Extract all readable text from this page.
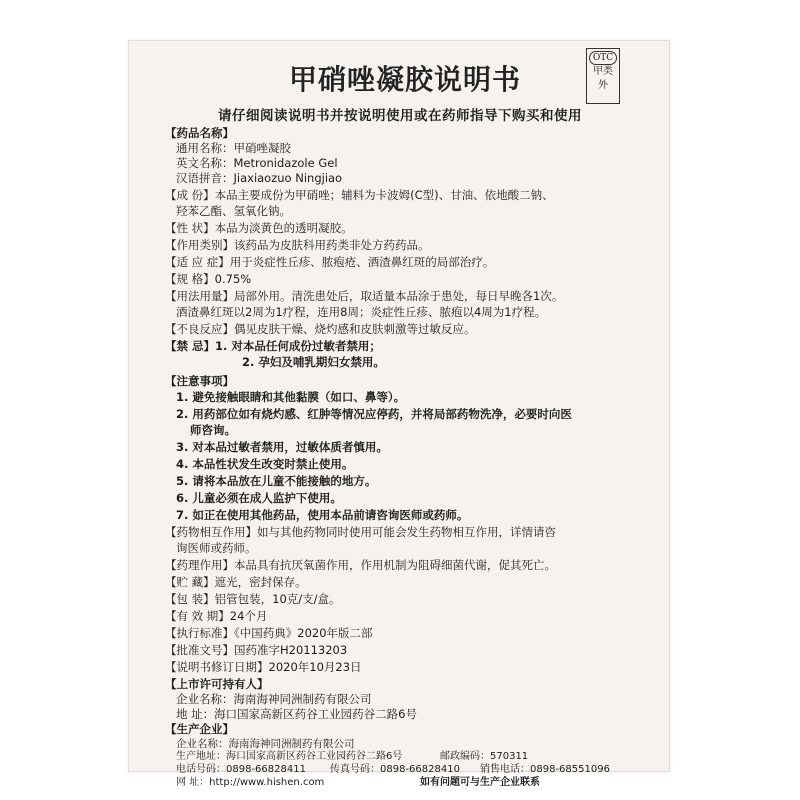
OTC
甲类
外
甲硝唑凝胶说明书
请仔细阅读说明书并按说明使用或在药师指导下购买和使用
【药品名称】
通用名称：甲硝唑凝胶
英文名称：Metronidazole Gel
汉语拼音：Jiaxiaozuo Ningjiao
【成 份】本品主要成份为甲硝唑；辅料为卡波姆(C型)、甘油、依地酸二钠、
羟苯乙酯、氢氧化钠。
【性 状】本品为淡黄色的透明凝胶。
【作用类别】该药品为皮肤科用药类非处方药药品。
【适 应 症】用于炎症性丘疹、脓疱疮、酒渣鼻红斑的局部治疗。
【规 格】0.75%
【用法用量】局部外用。清洗患处后，取适量本品涂于患处，每日早晚各1次。
酒渣鼻红斑以2周为1疗程，连用8周；炎症性丘疹、脓疱以4周为1疗程。
【不良反应】偶见皮肤干燥、烧灼感和皮肤刺激等过敏反应。
【禁 忌】1. 对本品任何成份过敏者禁用；
2. 孕妇及哺乳期妇女禁用。
【注意事项】
1. 避免接触眼睛和其他黏膜（如口、鼻等）。
2. 用药部位如有烧灼感、红肿等情况应停药，并将局部药物洗净，必要时向医
师咨询。
3. 对本品过敏者禁用，过敏体质者慎用。
4. 本品性状发生改变时禁止使用。
5. 请将本品放在儿童不能接触的地方。
6. 儿童必须在成人监护下使用。
7. 如正在使用其他药品，使用本品前请咨询医师或药师。
【药物相互作用】如与其他药物同时使用可能会发生药物相互作用，详情请咨
询医师或药师。
【药理作用】本品具有抗厌氧菌作用，作用机制为阻碍细菌代谢，促其死亡。
【贮 藏】遮光，密封保存。
【包 装】铝管包装，10克/支/盒。
【有 效 期】24个月
【执行标准】《中国药典》2020年版二部
【批准文号】国药准字H20113203
【说明书修订日期】2020年10月23日
【上市许可持有人】
企业名称：海南海神同洲制药有限公司
地 址：海口国家高新区药谷工业园药谷二路6号
【生产企业】
企业名称：海南海神同洲制药有限公司
生产地址：海口国家高新区药谷工业园药谷二路6号	邮政编码：570311
电话号码：0898-66828411 传真号码：0898-66828410 销售电话：0898-68551096
网 址：http://www.hishen.com	如有问题可与生产企业联系
